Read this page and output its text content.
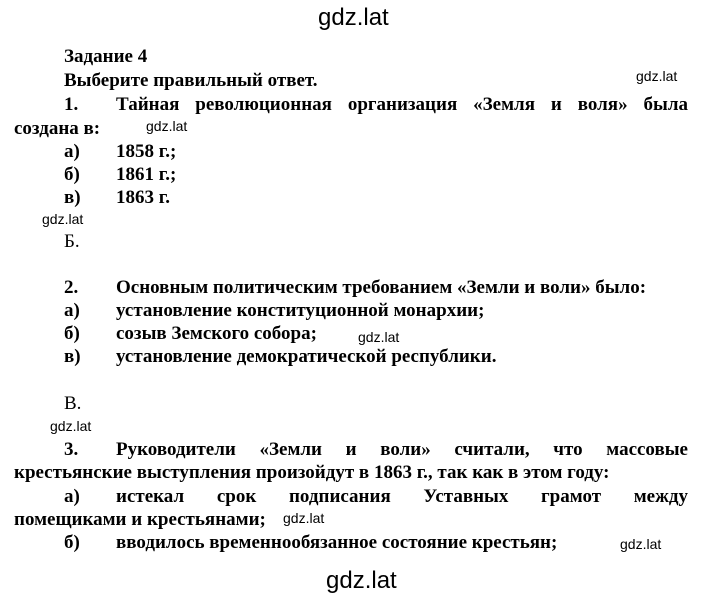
gdz.lat
gdz.lat
gdz.lat
gdz.lat
gdz.lat
gdz.lat
gdz.lat
gdz.lat
gdz.lat
Задание 4
Выберите правильный ответ.
1. Тайная революционная организация «Земля и воля» была
создана в:
а) 1858 г.;
б) 1861 г.;
в) 1863 г.
Б.
2. Основным политическим требованием «Земли и воли» было:
а) установление конституционной монархии;
б) созыв Земского собора;
в) установление демократической республики.
В.
3. Руководители «Земли и воли» считали, что массовые
крестьянские выступления произойдут в 1863 г., так как в этом году:
а) истекал срок подписания Уставных грамот между
помещиками и крестьянами;
б) вводилось временнообязанное состояние крестьян;
